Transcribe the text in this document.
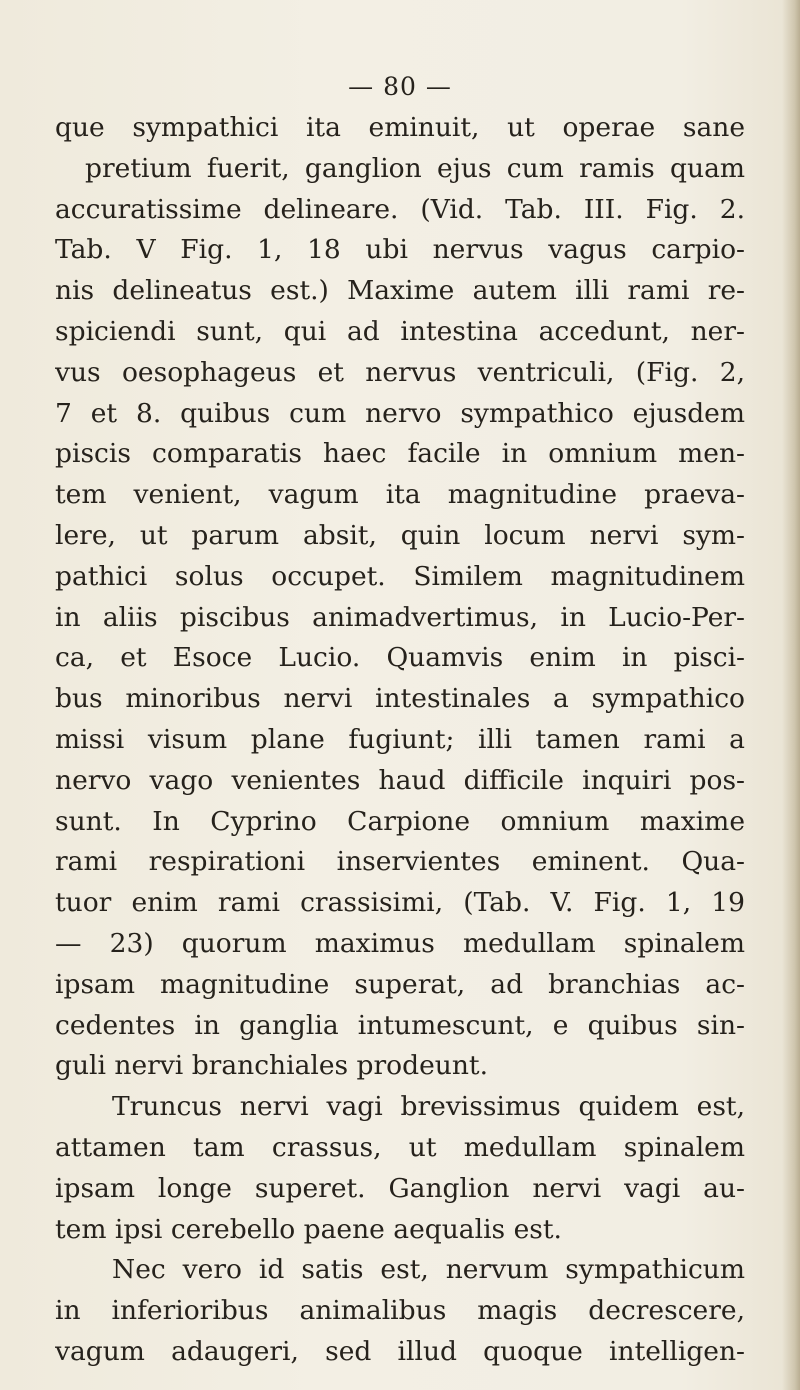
— 80 —
que sympathici ita eminuit, ut operae sane
pretium fuerit, ganglion ejus cum ramis quam
accuratissime delineare. (Vid. Tab. III. Fig. 2.
Tab. V Fig. 1, 18 ubi nervus vagus carpio-
nis delineatus est.) Maxime autem illi rami re-
spiciendi sunt, qui ad intestina accedunt, ner-
vus oesophageus et nervus ventriculi, (Fig. 2,
7 et 8. quibus cum nervo sympathico ejusdem
piscis comparatis haec facile in omnium men-
tem venient, vagum ita magnitudine praeva-
lere, ut parum absit, quin locum nervi sym-
pathici solus occupet. Similem magnitudinem
in aliis piscibus animadvertimus, in Lucio-Per-
ca, et Esoce Lucio. Quamvis enim in pisci-
bus minoribus nervi intestinales a sympathico
missi visum plane fugiunt; illi tamen rami a
nervo vago venientes haud difficile inquiri pos-
sunt. In Cyprino Carpione omnium maxime
rami respirationi inservientes eminent. Qua-
tuor enim rami crassisimi, (Tab. V. Fig. 1, 19
— 23) quorum maximus medullam spinalem
ipsam magnitudine superat, ad branchias ac-
cedentes in ganglia intumescunt, e quibus sin-
guli nervi branchiales prodeunt.
Truncus nervi vagi brevissimus quidem est,
attamen tam crassus, ut medullam spinalem
ipsam longe superet. Ganglion nervi vagi au-
tem ipsi cerebello paene aequalis est.
Nec vero id satis est, nervum sympathicum
in inferioribus animalibus magis decrescere,
vagum adaugeri, sed illud quoque intelligen-
